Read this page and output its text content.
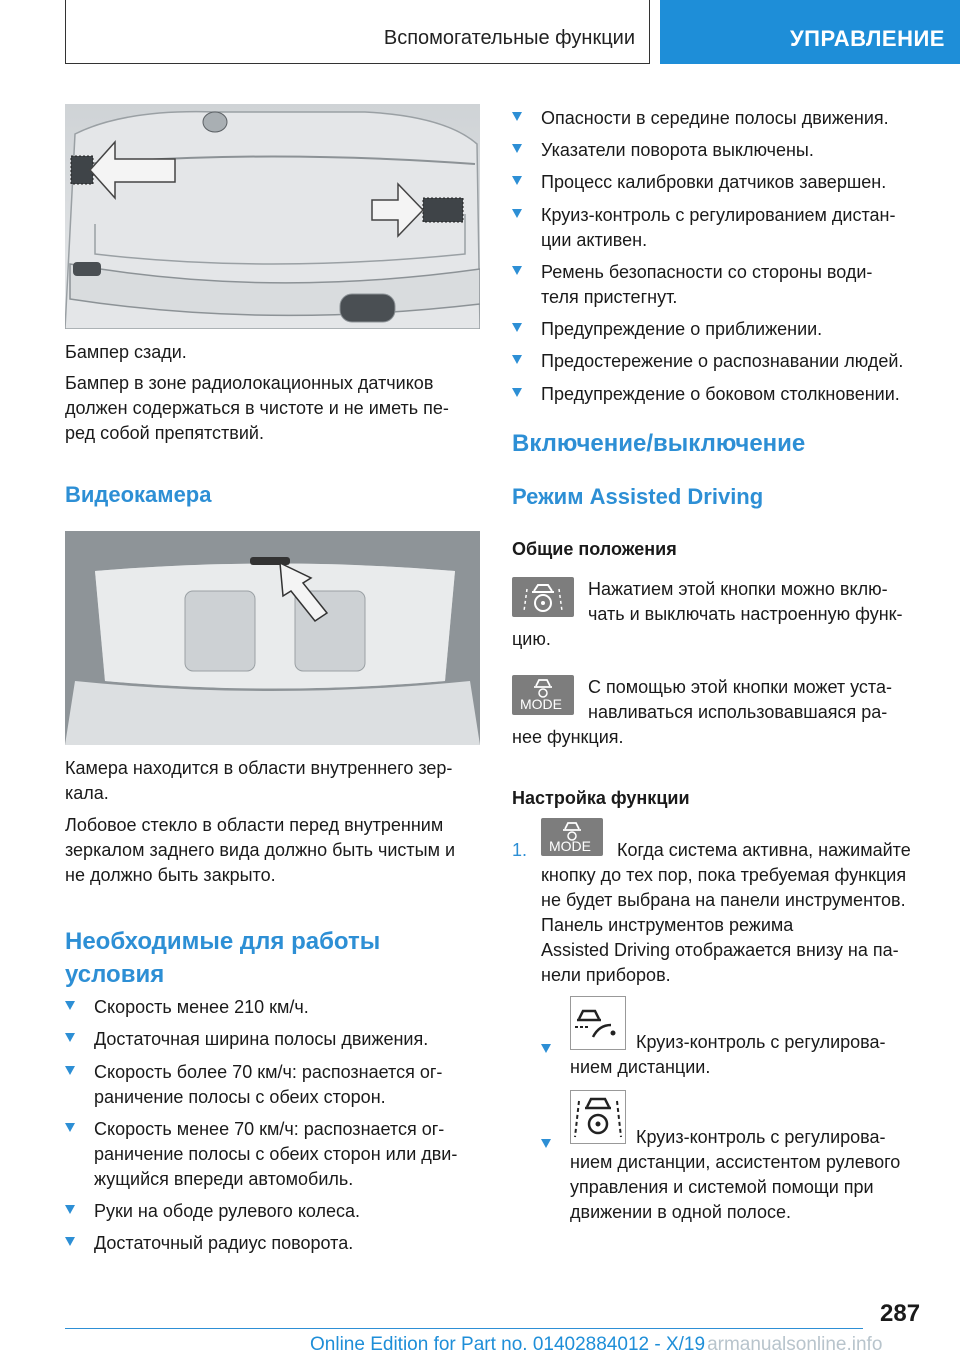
Вспомогательные функции	УПРАВЛЕНИЕ
Бампер сзади.
Бампер в зоне радиолокационных датчиков
должен содержаться в чистоте и не иметь пе-
ред собой препятствий.
Видеокамера
Камера находится в области внутреннего зер-
кала.
Лобовое стекло в области перед внутренним
зеркалом заднего вида должно быть чистым и
не должно быть закрыто.
Необходимые для работы
условия
Скорость менее 210 км/ч.
Достаточная ширина полосы движения.
Скорость более 70 км/ч: распознается ог-
раничение полосы с обеих сторон.
Скорость менее 70 км/ч: распознается ог-
раничение полосы с обеих сторон или дви-
жущийся впереди автомобиль.
Руки на ободе рулевого колеса.
Достаточный радиус поворота.
Опасности в середине полосы движения.
Указатели поворота выключены.
Процесс калибровки датчиков завершен.
Круиз-контроль с регулированием дистан-
ции активен.
Ремень безопасности со стороны води-
теля пристегнут.
Предупреждение о приближении.
Предостережение о распознавании людей.
Предупреждение о боковом столкновении.
Включение/выключение
Режим Assisted Driving
Общие положения
Нажатием этой кнопки можно вклю-
чать и выключать настроенную функ-
цию.
MODE
С помощью этой кнопки может уста-
навливаться использовавшаяся ра-
нее функция.
Настройка функции
1. MODE Когда система активна, нажимайте
кнопку до тех пор, пока требуемая функция
не будет выбрана на панели инструментов.
Панель инструментов режима
Assisted Driving отображается внизу на па-
нели приборов.
Круиз-контроль с регулирова-
нием дистанции.
Круиз-контроль с регулирова-
нием дистанции, ассистентом рулевого
управления и системой помощи при
движении в одной полосе.
287
Online Edition for Part no. 01402884012 - X/19 armanualsonline.info
